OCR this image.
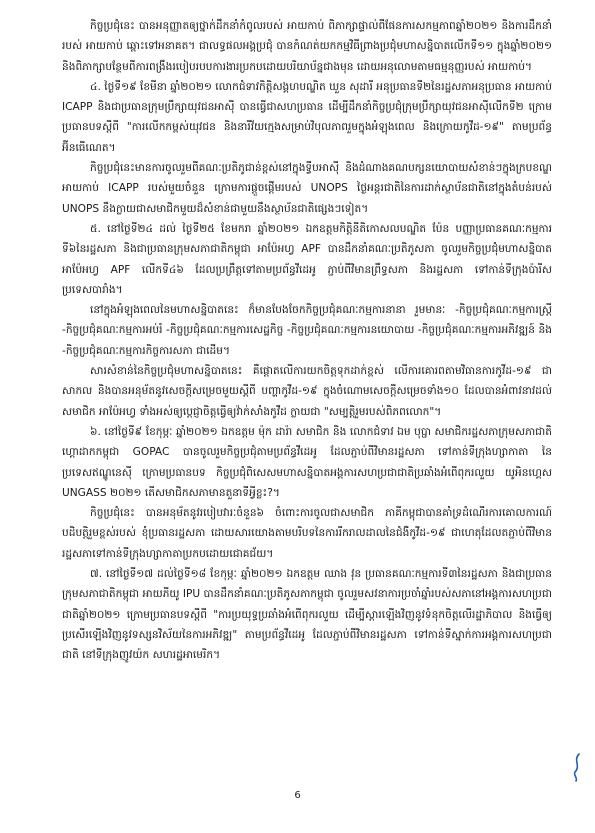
កិច្ចប្រជុំនេះ បានអនុញ្ញាតឲ្យថ្នាក់ដឹកនាំកំពូលរបស់ អាយកាប់ ពិភាក្សាផ្ទាល់ពីផែនការសកម្មភាពឆ្នាំ២០២១ និងការដឹកនាំរបស់ អាយកាប់ ឆ្ពោះទៅអនាគត។ ជាលទ្ធផលអង្គប្រជុំ បានកំណត់យកកម្មវិធីព្រាងប្រជុំមហាសន្និបាតលើកទី១១ ក្នុងឆ្នាំ២០២១ និងពិភាក្សាបន្ថែមពីការពង្រឹងរបៀបរបបការងារប្រកបដោយបរិយាប័ន្នជាងមុន ដោយអនុលោមតាមធម្មនុញ្ញរបស់ អាយកាប់។

៤. ថ្ងៃទី១៩ ខែមីនា ឆ្នាំ២០២១ លោកជំទាវកិត្តិសង្គហបណ្ឌិត ឃួន សុដារី អនុប្រធានទី២នៃរដ្ឋសភាអនុប្រធាន អាយកាប់ ICAPP និងជាប្រធានក្រុមប្រឹក្សាយុវជនអាស៊ី បានធ្វើជាសហប្រធាន ដើម្បីដឹកនាំកិច្ចប្រជុំក្រុមប្រឹក្សាយុវជនអាស៊ីលើកទី២ ក្រោមប្រធានបទស្តីពី "ការលើកកម្ពស់យុវជន និងនារីវ័យក្មេងសម្រាប់វិបុលភាពរួមក្នុងអំឡុងពេល និងក្រោយកូវីដ-១៩" តាមប្រព័ន្ធអ៊ីនធើណេត។

កិច្ចប្រជុំនេះមានការចូលរួមពីគណៈប្រតិភូជាន់ខ្ពស់នៅក្នុងទ្វីបអាស៊ី និងដំណាងគណបក្សនយោបាយសំខាន់ៗក្នុងក្របខណ្ឌ អាយកាប់ ICAPP របស់មួយចំនួន ក្រោមការផ្ដួចផ្ដើមរបស់ UNOPS ថ្ងៃអន្តរជាតិនៃការដាក់ស្ថាប័នជាតិនៅក្នុងតំបន់របស់ UNOPS នឹងក្លាយជាសមាជិកមួយដ៏សំខាន់ជាមួយនឹងស្ថាប័នជាតិផ្សេងៗទៀត។

៥. នៅថ្ងៃទី២៤ ដល់ ថ្ងៃទី២៥ ខែមករា ឆ្នាំ២០២១ ឯកឧត្តមកិត្តិនីតិកោសលបណ្ឌិត ប៉ែន បញ្ញាប្រធានគណៈកម្មការទី៦នៃរដ្ឋសភា និងជាប្រធានក្រុមសភាជាតិកម្ពុជា អាប៉ែអហ្វ APF បានដឹកនាំគណៈប្រតិភូសភា ចូលរួមកិច្ចប្រជុំមហាសន្និបាត អាប៉ែអហ្វ APF លើកទី៤៦ ដែលប្រព្រឹត្តទៅតាមប្រព័ន្ធវីដេអូ ភ្ជាប់ពីវិមានព្រឹទ្ធសភា និងរដ្ឋសភា ទៅកាន់ទីក្រុងប៉ារីស ប្រទេសបារាំង។

នៅក្នុងអំឡុងពេលនៃមហាសន្និបាតនេះ ក៏មានបែងចែកកិច្ចប្រជុំគណៈកម្មការនានា រួមមានៈ -កិច្ចប្រជុំគណៈកម្មការស្ត្រី -កិច្ចប្រជុំគណៈកម្មការអប់រំ -កិច្ចប្រជុំគណៈកម្មការសេដ្ឋកិច្ច -កិច្ចប្រជុំគណៈកម្មការនយោបាយ -កិច្ចប្រជុំគណៈកម្មការអភិវឌ្ឍន៍ និង -កិច្ចប្រជុំគណៈកម្មការកិច្ចការសភា ជាដើម។

សារសំខាន់នៃកិច្ចប្រជុំមហាសន្និបាតនេះ គឺផ្ដោតលើការយកចិត្តទុកដាក់ខ្ពស់ លើការគោរពតាមវិធានការកូវីដ-១៩ ជាសាកល និងបានអនុម័តនូវសេចក្តីសម្រេចមួយស្ដីពី បញ្ហាកូវីដ-១៩ ក្នុងចំណោមសេចក្តីសម្រេចទាំង១០ ដែលបានអំពាវនាវដល់សមាជិក អាប៉ែអហ្វ ទាំងអស់ឲ្យប្ដេជ្ញាចិត្តធ្វើឲ្យវ៉ាក់សាំងកូវីដ ក្លាយជា "សម្បត្តិរួមរបស់ពិភពលោក"។

៦. នៅថ្ងៃទី៩ ខែកុម្ភៈ ឆ្នាំ២០២១ ឯកឧត្តម ម៉ុក ដារ៉ា សមាជិក និង លោកជំទាវ ឯម បុប្ផា សមាជិករដ្ឋសភាក្រុមសភាជាតិ ហ្គោដាកកម្ពុជា GOPAC បានចូលរួមកិច្ចប្រជុំតាមប្រព័ន្ធវីដេអូ ដែលភ្ជាប់ពីវិមានរដ្ឋសភា ទៅកាន់ទីក្រុងហ្សាកាតា នៃប្រទេសឥណ្ឌូនេស៊ី ក្រោមប្រធានបទ កិច្ចប្រជុំពិសេសមហាសន្និបាតអង្គការសហប្រជាជាតិប្រឆាំងអំពើពុករលួយ យូអិនហ្គេស UNGASS ២០២១ តើសមាជិកសភាមានតួនាទីអ្វីខ្លះ?។

កិច្ចប្រជុំនេះ បានអនុម័តនូវរបៀបវារៈចំនួន៦ ចំពោះការចូលជាសមាជិក ភាគីកម្ពុជាបានគាំទ្រដំណើរការគោលការណ៍បដិបត្តិរួមខ្ពស់របស់ ខុំប្រធានរដ្ឋសភា ដោយសារយោងតាមបរិបទនៃការរីករាលដាលនៃជំងឺកូវីដ-១៩ ជាហេតុដែលតភ្ជាប់ពីវិមានរដ្ឋសភាទៅកាន់ទីក្រុងហ្សាកាតាប្រកបដោយជោគជ័យ។

៧. នៅថ្ងៃទី១៧ ដល់ថ្ងៃទី១៨ ខែកុម្ភៈ ឆ្នាំ២០២១ ឯកឧត្តម ឈាង វុន ប្រធានគណៈកម្មការទី៣នៃរដ្ឋសភា និងជាប្រធានក្រុមសភាជាតិកម្ពុជា អាយភីយូ IPU បានដឹកនាំគណៈប្រតិភូសភាកម្ពុជា ចូលរួមសវនាការប្រចាំឆ្នាំរបស់សភានៅអង្គការសហប្រជាជាតិឆ្នាំ២០២១ ក្រោមប្រធានបទស្តីពី "ការប្រយុទ្ធប្រឆាំងអំពើពុករលួយ ដើម្បីស្តារឡើងវិញនូវទំនុកចិត្តលើរដ្ឋាភិបាល និងធ្វើឲ្យប្រសើរឡើងវិញនូវទស្សនវិស័យនៃការអភិវឌ្ឍ" តាមប្រព័ន្ធវីដេអូ ដែលភ្ជាប់ពីវិមានរដ្ឋសភា ទៅកាន់ទីស្នាក់ការអង្គការសហប្រជាជាតិ នៅទីក្រុងញូវយ៉ក សហរដ្ឋអាមេរិក។

6
